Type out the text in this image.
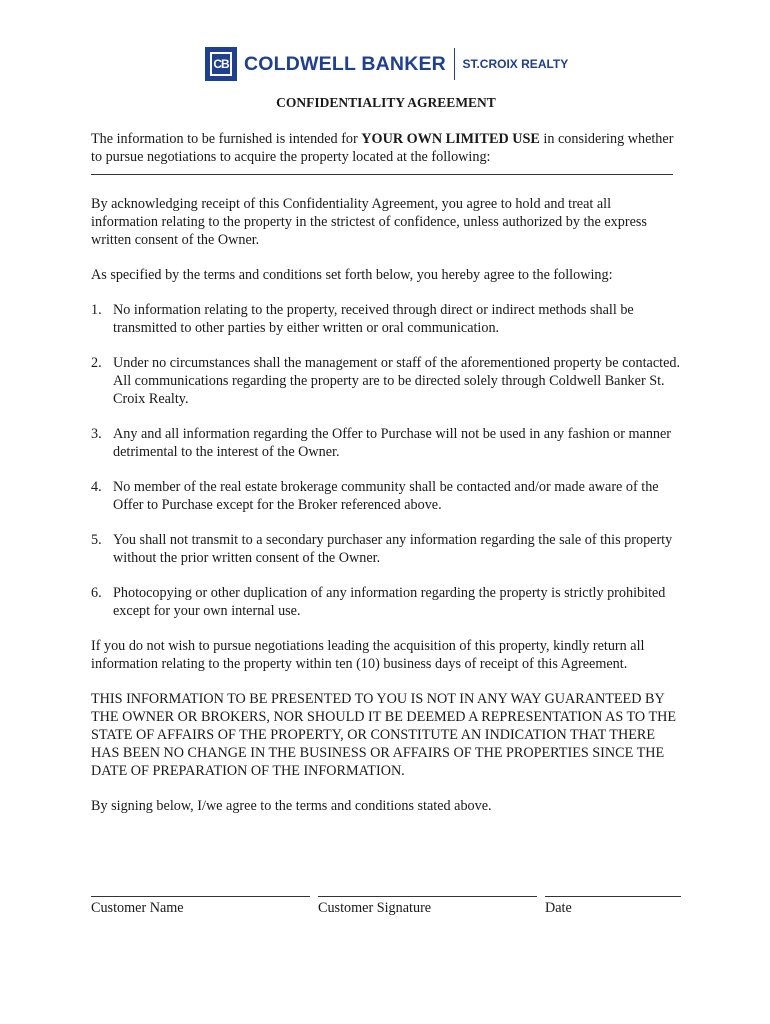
CB COLDWELL BANKER ST.CROIX REALTY
CONFIDENTIALITY AGREEMENT

The information to be furnished is intended for YOUR OWN LIMITED USE in considering whether to pursue negotiations to acquire the property located at the following:

By acknowledging receipt of this Confidentiality Agreement, you agree to hold and treat all information relating to the property in the strictest of confidence, unless authorized by the express written consent of the Owner.

As specified by the terms and conditions set forth below, you hereby agree to the following:

1. No information relating to the property, received through direct or indirect methods shall be transmitted to other parties by either written or oral communication.
2. Under no circumstances shall the management or staff of the aforementioned property be contacted. All communications regarding the property are to be directed solely through Coldwell Banker St. Croix Realty.
3. Any and all information regarding the Offer to Purchase will not be used in any fashion or manner detrimental to the interest of the Owner.
4. No member of the real estate brokerage community shall be contacted and/or made aware of the Offer to Purchase except for the Broker referenced above.
5. You shall not transmit to a secondary purchaser any information regarding the sale of this property without the prior written consent of the Owner.
6. Photocopying or other duplication of any information regarding the property is strictly prohibited except for your own internal use.

If you do not wish to pursue negotiations leading the acquisition of this property, kindly return all information relating to the property within ten (10) business days of receipt of this Agreement.

THIS INFORMATION TO BE PRESENTED TO YOU IS NOT IN ANY WAY GUARANTEED BY THE OWNER OR BROKERS, NOR SHOULD IT BE DEEMED A REPRESENTATION AS TO THE STATE OF AFFAIRS OF THE PROPERTY, OR CONSTITUTE AN INDICATION THAT THERE HAS BEEN NO CHANGE IN THE BUSINESS OR AFFAIRS OF THE PROPERTIES SINCE THE DATE OF PREPARATION OF THE INFORMATION.

By signing below, I/we agree to the terms and conditions stated above.

Customer Name	Customer Signature	Date
